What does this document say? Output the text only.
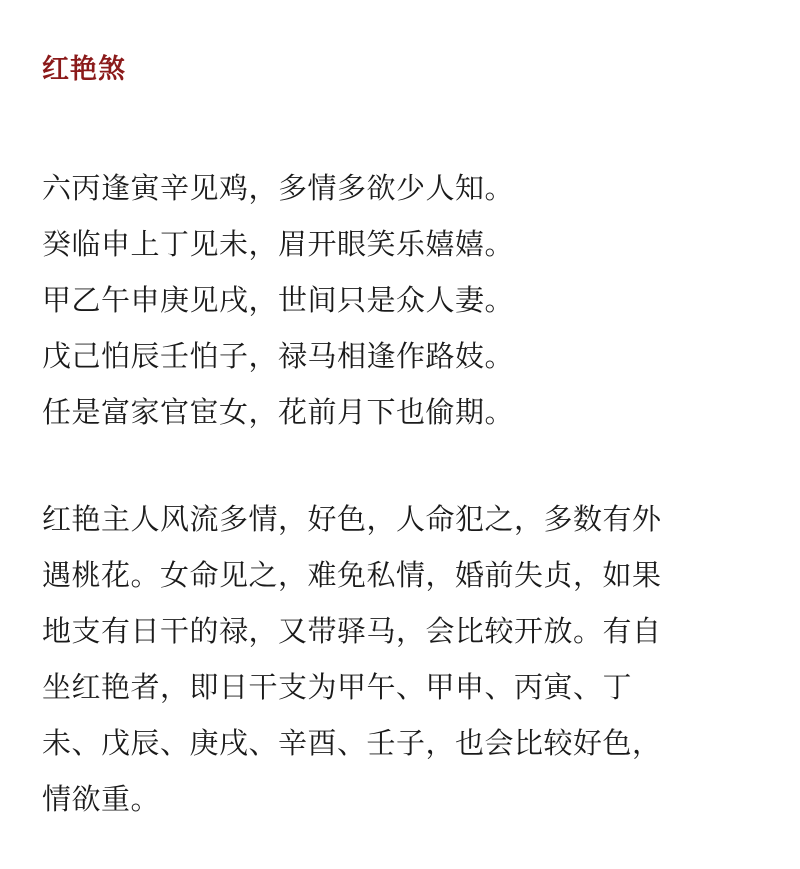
红艳煞
六丙逢寅辛见鸡，多情多欲少人知。
癸临申上丁见未，眉开眼笑乐嬉嬉。
甲乙午申庚见戌，世间只是众人妻。
戊己怕辰壬怕子，禄马相逢作路妓。
任是富家官宦女，花前月下也偷期。
红艳主人风流多情，好色，人命犯之，多数有外
遇桃花。女命见之，难免私情，婚前失贞，如果
地支有日干的禄，又带驿马，会比较开放。有自
坐红艳者，即日干支为甲午、甲申、丙寅、丁
未、戊辰、庚戌、辛酉、壬子，也会比较好色，
情欲重。
